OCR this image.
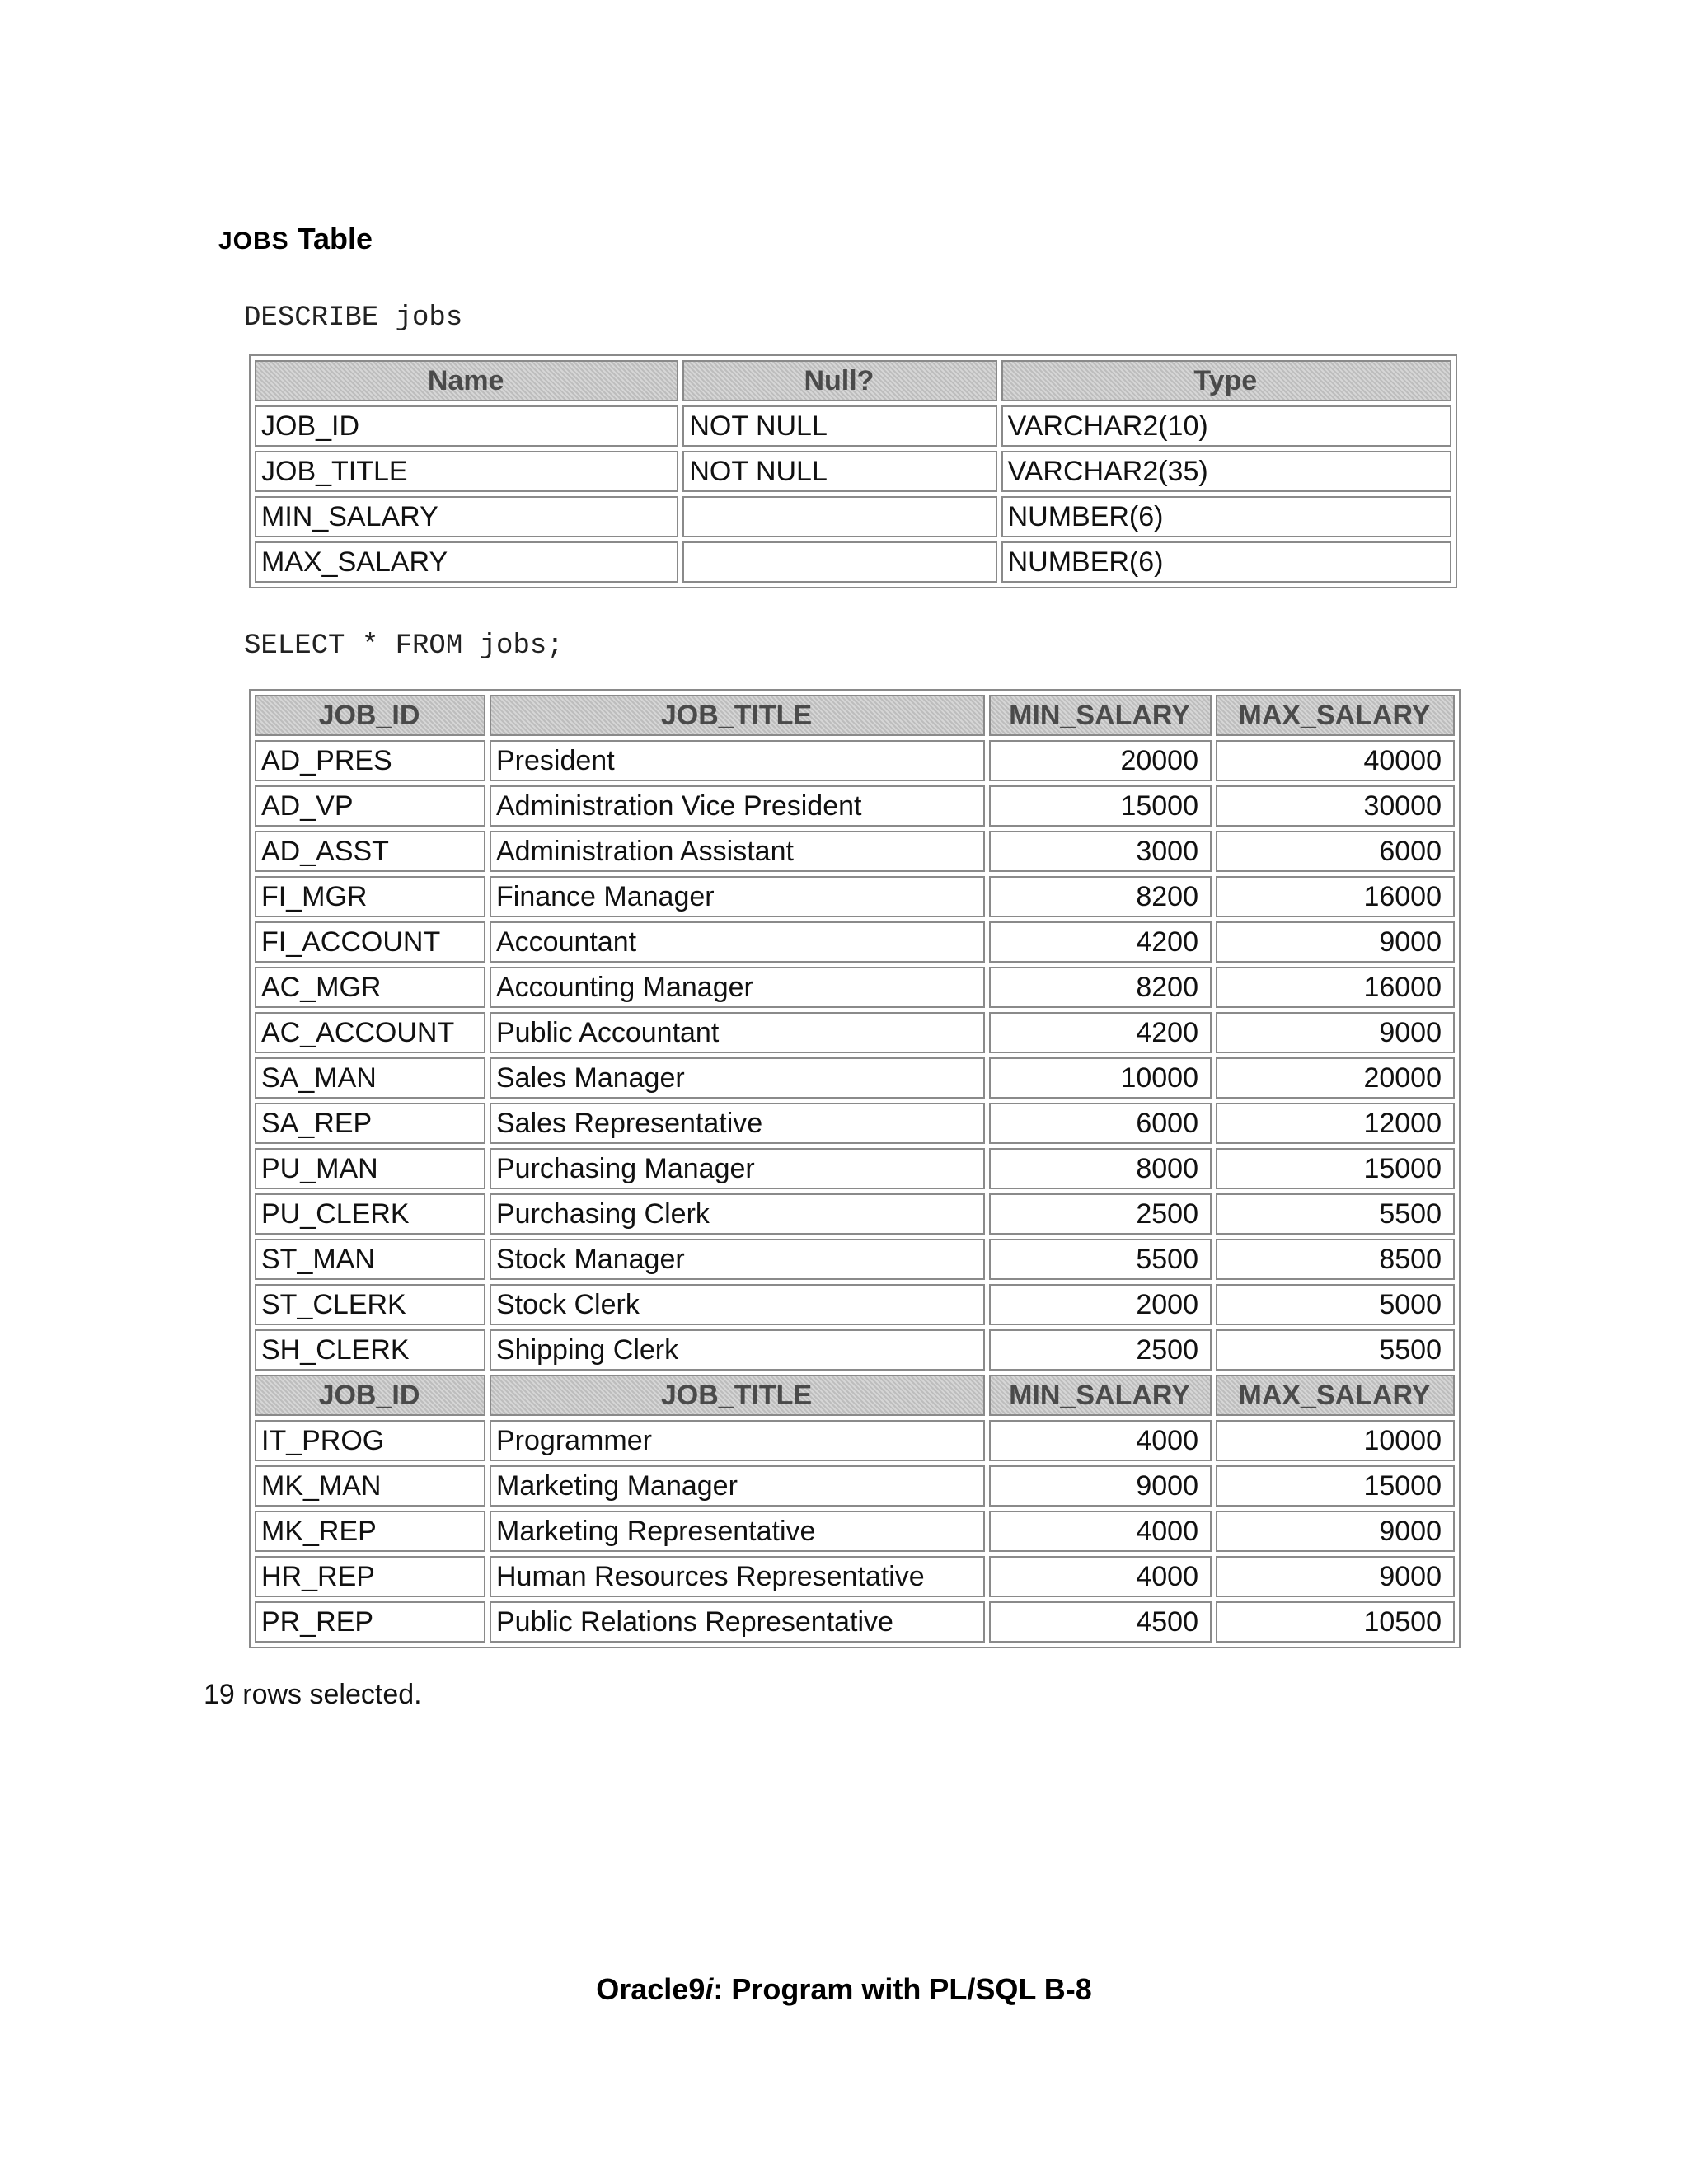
JOBS Table
DESCRIBE jobs
Name	Null?	Type
JOB_ID	NOT NULL	VARCHAR2(10)
JOB_TITLE	NOT NULL	VARCHAR2(35)
MIN_SALARY		NUMBER(6)
MAX_SALARY		NUMBER(6)
SELECT * FROM jobs;
JOB_ID	JOB_TITLE	MIN_SALARY	MAX_SALARY
AD_PRES	President	20000	40000
AD_VP	Administration Vice President	15000	30000
AD_ASST	Administration Assistant	3000	6000
FI_MGR	Finance Manager	8200	16000
FI_ACCOUNT	Accountant	4200	9000
AC_MGR	Accounting Manager	8200	16000
AC_ACCOUNT	Public Accountant	4200	9000
SA_MAN	Sales Manager	10000	20000
SA_REP	Sales Representative	6000	12000
PU_MAN	Purchasing Manager	8000	15000
PU_CLERK	Purchasing Clerk	2500	5500
ST_MAN	Stock Manager	5500	8500
ST_CLERK	Stock Clerk	2000	5000
SH_CLERK	Shipping Clerk	2500	5500
JOB_ID	JOB_TITLE	MIN_SALARY	MAX_SALARY
IT_PROG	Programmer	4000	10000
MK_MAN	Marketing Manager	9000	15000
MK_REP	Marketing Representative	4000	9000
HR_REP	Human Resources Representative	4000	9000
PR_REP	Public Relations Representative	4500	10500
19 rows selected.
Oracle9i: Program with PL/SQL B-8
